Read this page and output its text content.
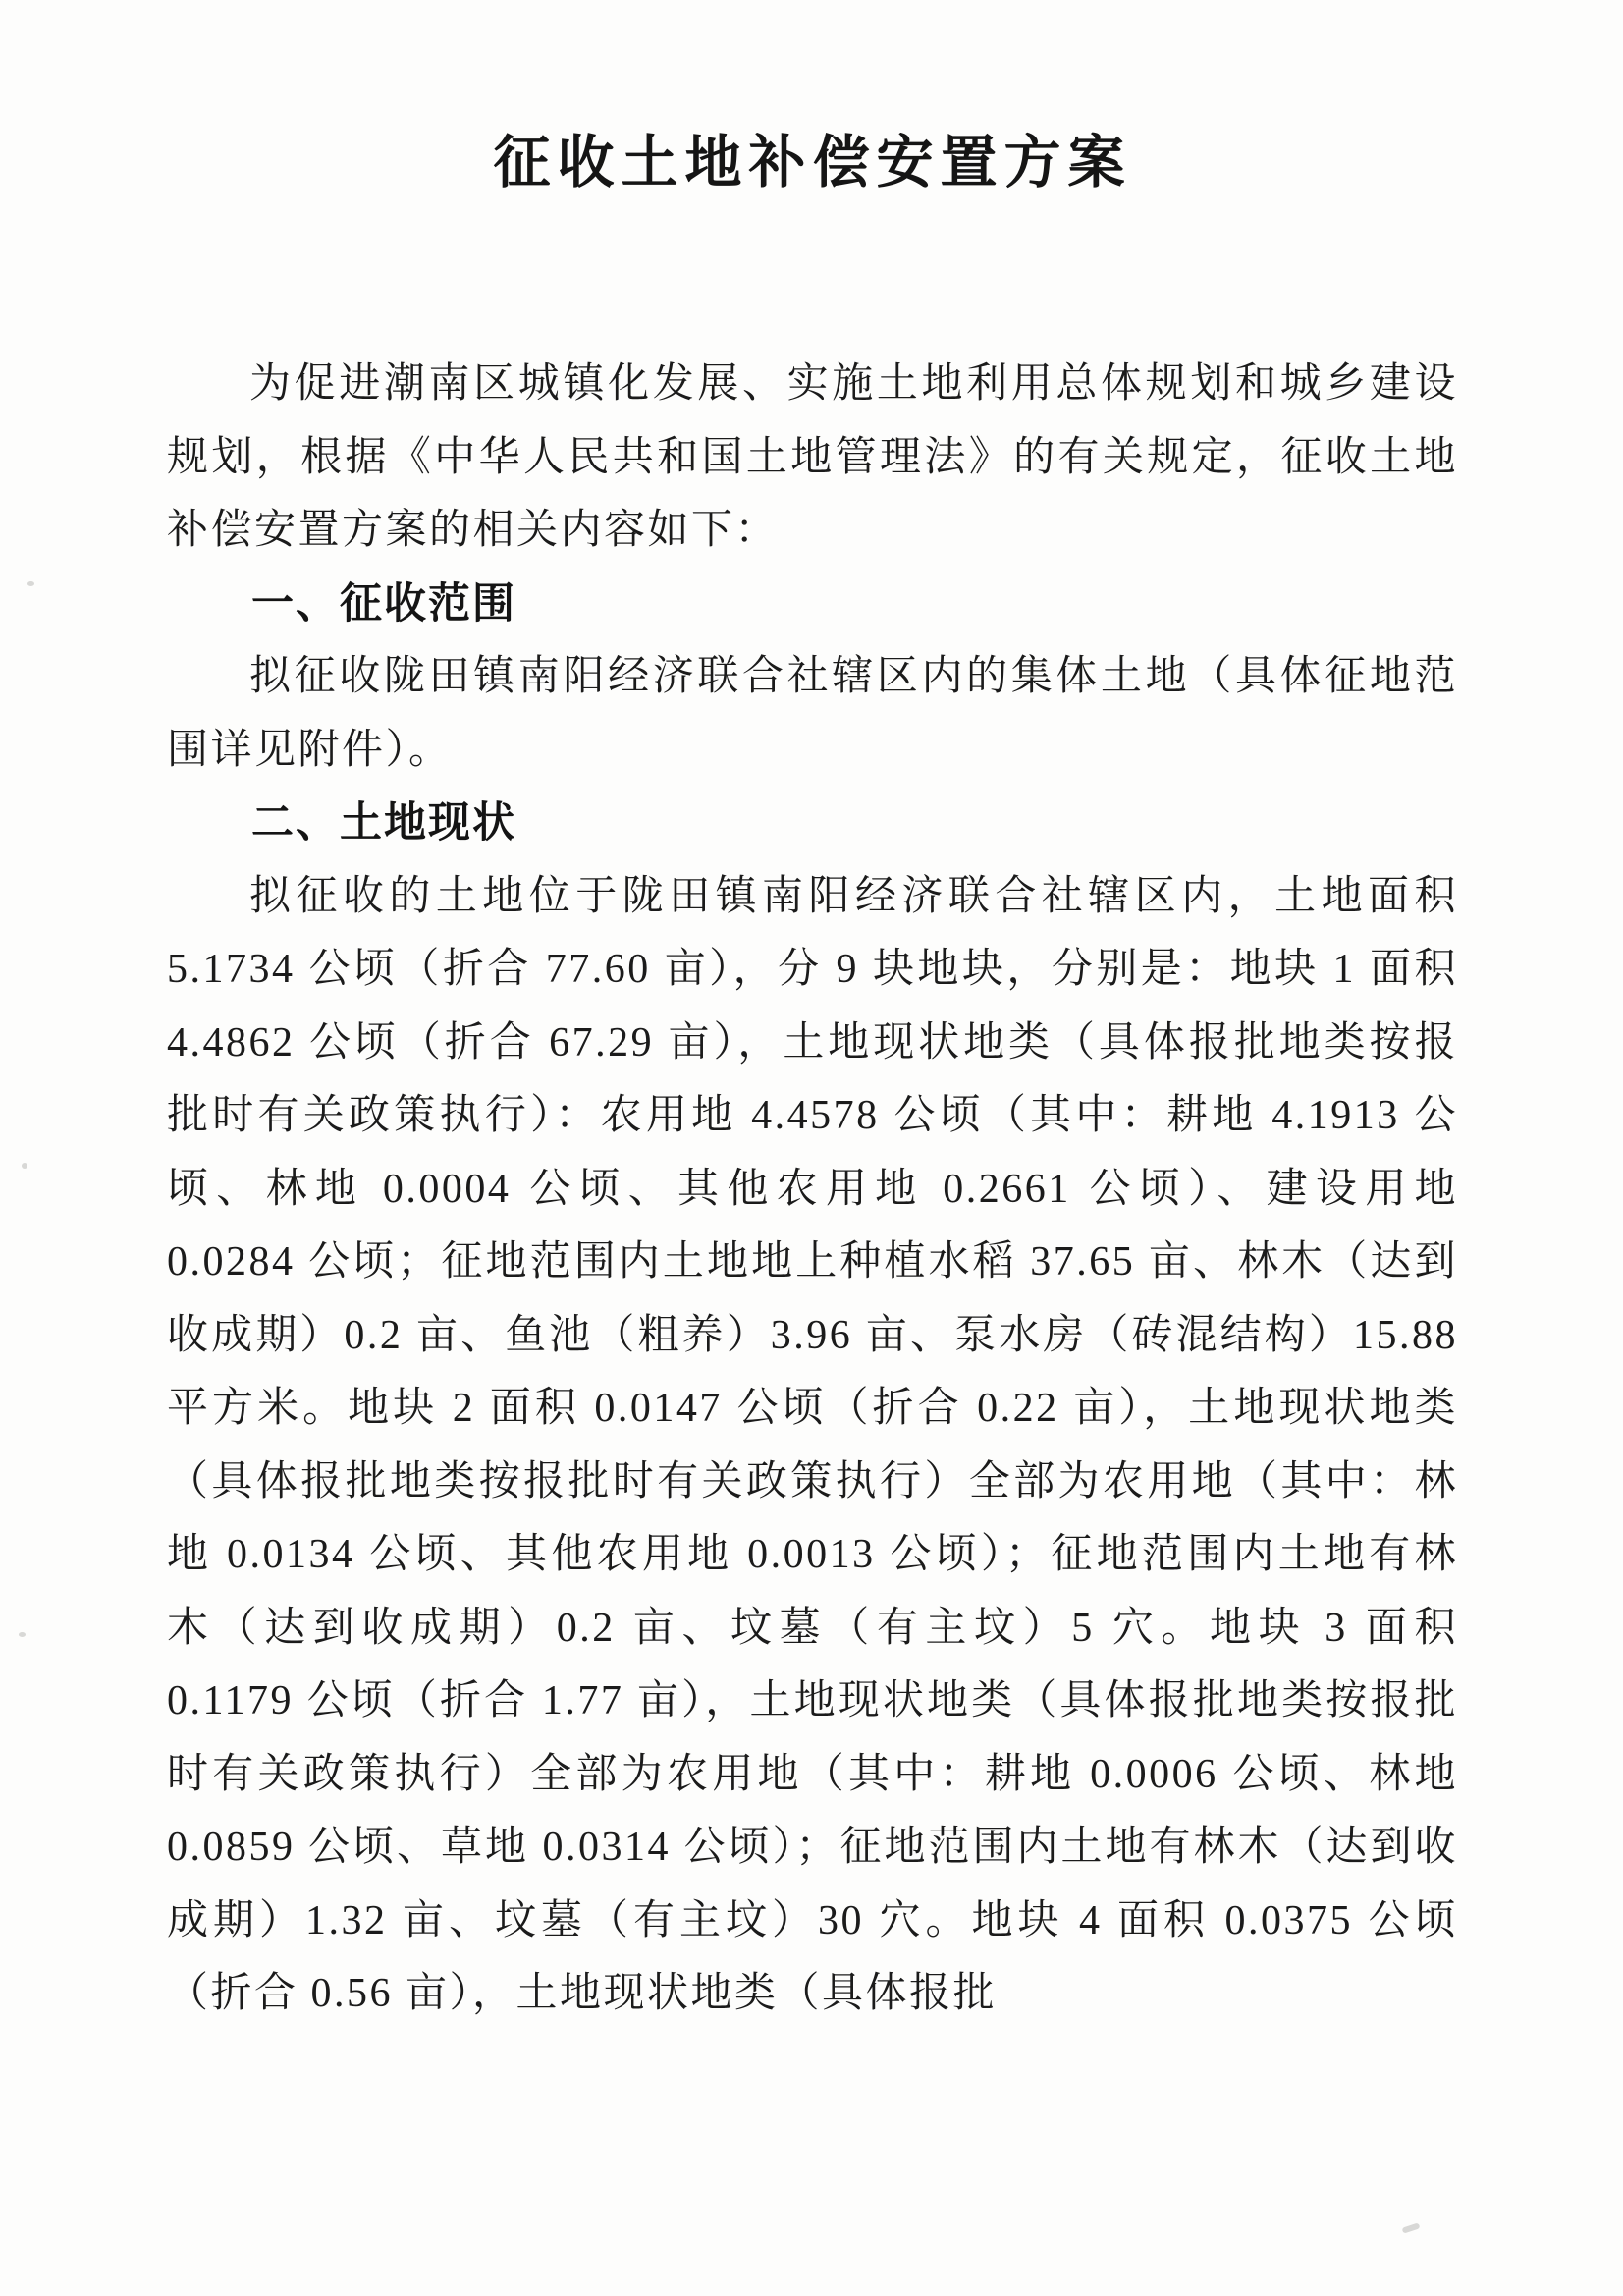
征收土地补偿安置方案

为促进潮南区城镇化发展、实施土地利用总体规划和城乡建设规划，根据《中华人民共和国土地管理法》的有关规定，征收土地补偿安置方案的相关内容如下：

一、征收范围

拟征收陇田镇南阳经济联合社辖区内的集体土地（具体征地范围详见附件）。

二、土地现状

拟征收的土地位于陇田镇南阳经济联合社辖区内，土地面积 5.1734 公顷（折合 77.60 亩），分 9 块地块，分别是：地块 1 面积 4.4862 公顷（折合 67.29 亩），土地现状地类（具体报批地类按报批时有关政策执行）：农用地 4.4578 公顷（其中：耕地 4.1913 公顷、林地 0.0004 公顷、其他农用地 0.2661 公顷）、建设用地 0.0284 公顷；征地范围内土地地上种植水稻 37.65 亩、林木（达到收成期）0.2 亩、鱼池（粗养）3.96 亩、泵水房（砖混结构）15.88 平方米。地块 2 面积 0.0147 公顷（折合 0.22 亩），土地现状地类（具体报批地类按报批时有关政策执行）全部为农用地（其中：林地 0.0134 公顷、其他农用地 0.0013 公顷）；征地范围内土地有林木（达到收成期）0.2 亩、坟墓（有主坟）5 穴。地块 3 面积 0.1179 公顷（折合 1.77 亩），土地现状地类（具体报批地类按报批时有关政策执行）全部为农用地（其中：耕地 0.0006 公顷、林地 0.0859 公顷、草地 0.0314 公顷）；征地范围内土地有林木（达到收成期）1.32 亩、坟墓（有主坟）30 穴。地块 4 面积 0.0375 公顷（折合 0.56 亩），土地现状地类（具体报批
